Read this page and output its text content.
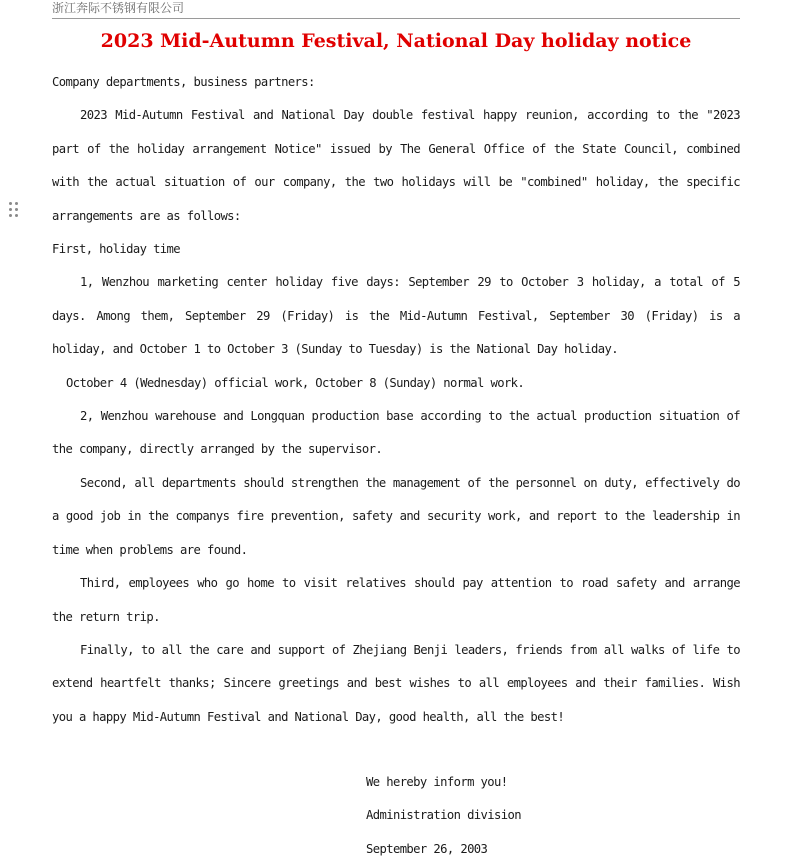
浙江奔际不锈钢有限公司
2023 Mid-Autumn Festival, National Day holiday notice

Company departments, business partners:

2023 Mid-Autumn Festival and National Day double festival happy reunion, according to the "2023 part of the holiday arrangement Notice" issued by The General Office of the State Council, combined with the actual situation of our company, the two holidays will be "combined" holiday, the specific arrangements are as follows:

First, holiday time

1, Wenzhou marketing center holiday five days: September 29 to October 3 holiday, a total of 5 days. Among them, September 29 (Friday) is the Mid-Autumn Festival, September 30 (Friday) is a holiday, and October 1 to October 3 (Sunday to Tuesday) is the National Day holiday.

October 4 (Wednesday) official work, October 8 (Sunday) normal work.

2, Wenzhou warehouse and Longquan production base according to the actual production situation of the company, directly arranged by the supervisor.

Second, all departments should strengthen the management of the personnel on duty, effectively do a good job in the companys fire prevention, safety and security work, and report to the leadership in time when problems are found.

Third, employees who go home to visit relatives should pay attention to road safety and arrange the return trip.

Finally, to all the care and support of Zhejiang Benji leaders, friends from all walks of life to extend heartfelt thanks; Sincere greetings and best wishes to all employees and their families. Wish you a happy Mid-Autumn Festival and National Day, good health, all the best!

We hereby inform you!

Administration division

September 26, 2003
